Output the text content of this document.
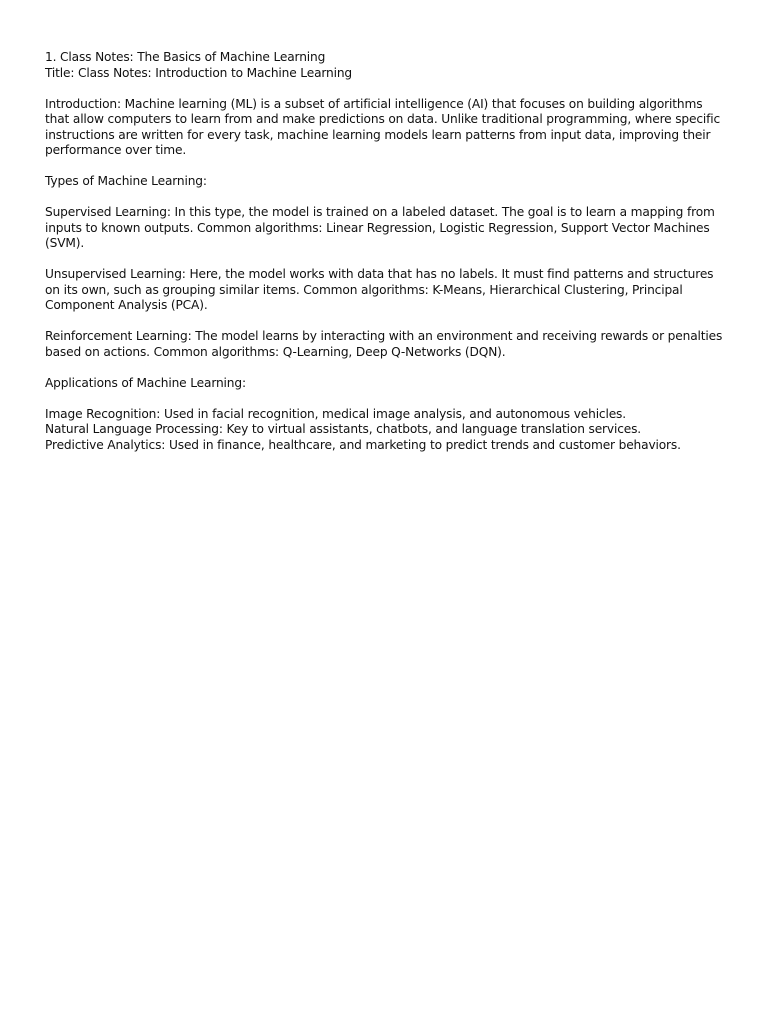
1. Class Notes: The Basics of Machine Learning
Title: Class Notes: Introduction to Machine Learning

Introduction: Machine learning (ML) is a subset of artificial intelligence (AI) that focuses on building algorithms that allow computers to learn from and make predictions on data. Unlike traditional programming, where specific instructions are written for every task, machine learning models learn patterns from input data, improving their performance over time.

Types of Machine Learning:

Supervised Learning: In this type, the model is trained on a labeled dataset. The goal is to learn a mapping from inputs to known outputs. Common algorithms: Linear Regression, Logistic Regression, Support Vector Machines (SVM).

Unsupervised Learning: Here, the model works with data that has no labels. It must find patterns and structures on its own, such as grouping similar items. Common algorithms: K-Means, Hierarchical Clustering, Principal Component Analysis (PCA).

Reinforcement Learning: The model learns by interacting with an environment and receiving rewards or penalties based on actions. Common algorithms: Q-Learning, Deep Q-Networks (DQN).

Applications of Machine Learning:

Image Recognition: Used in facial recognition, medical image analysis, and autonomous vehicles.
Natural Language Processing: Key to virtual assistants, chatbots, and language translation services.
Predictive Analytics: Used in finance, healthcare, and marketing to predict trends and customer behaviors.
